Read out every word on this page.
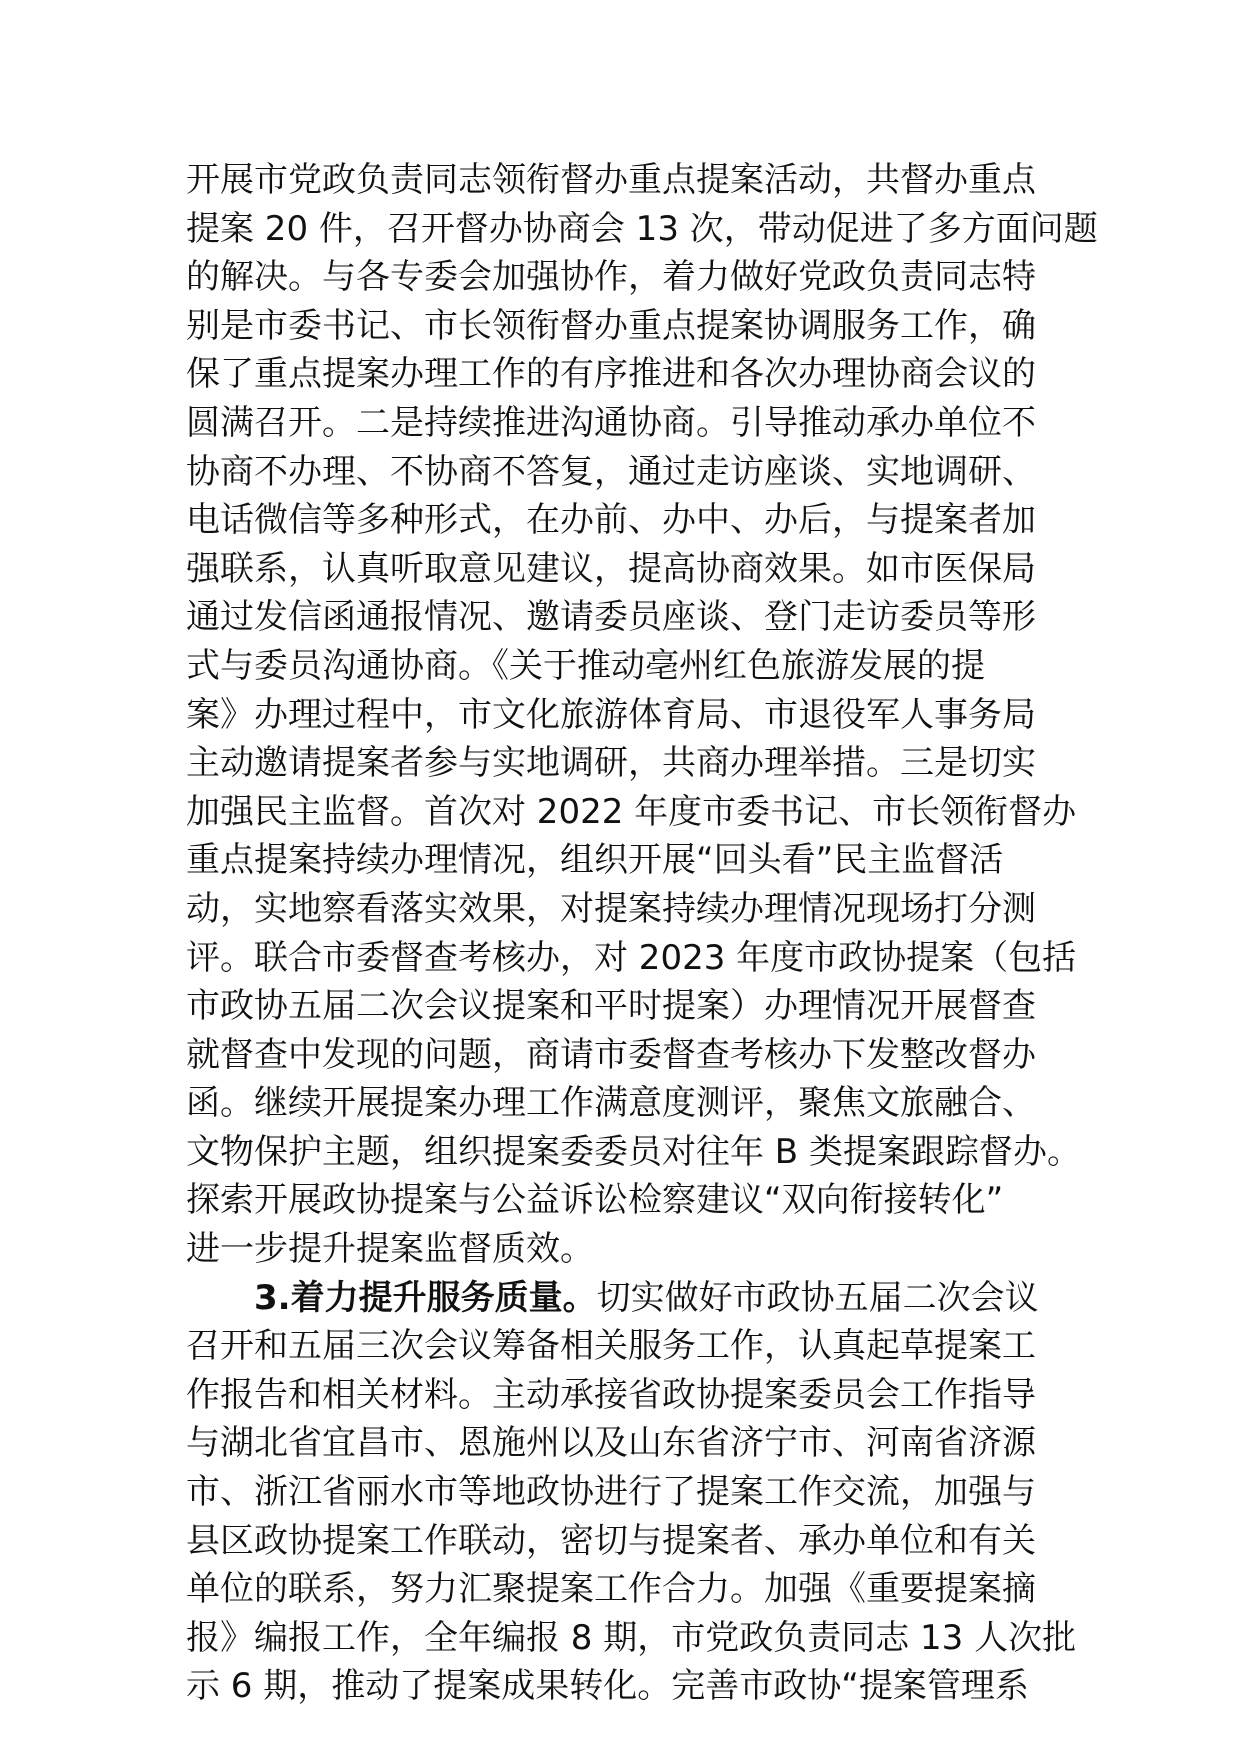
开展市党政负责同志领衔督办重点提案活动，共督办重点
提案 20 件，召开督办协商会 13 次，带动促进了多方面问题
的解决。与各专委会加强协作，着力做好党政负责同志特
别是市委书记、市长领衔督办重点提案协调服务工作，确
保了重点提案办理工作的有序推进和各次办理协商会议的
圆满召开。二是持续推进沟通协商。引导推动承办单位不
协商不办理、不协商不答复，通过走访座谈、实地调研、
电话微信等多种形式，在办前、办中、办后，与提案者加
强联系，认真听取意见建议，提高协商效果。如市医保局
通过发信函通报情况、邀请委员座谈、登门走访委员等形
式与委员沟通协商。《关于推动亳州红色旅游发展的提
案》办理过程中，市文化旅游体育局、市退役军人事务局
主动邀请提案者参与实地调研，共商办理举措。三是切实
加强民主监督。首次对 2022 年度市委书记、市长领衔督办
重点提案持续办理情况，组织开展“回头看”民主监督活
动，实地察看落实效果，对提案持续办理情况现场打分测
评。联合市委督查考核办，对 2023 年度市政协提案（包括
市政协五届二次会议提案和平时提案）办理情况开展督查
就督查中发现的问题，商请市委督查考核办下发整改督办
函。继续开展提案办理工作满意度测评，聚焦文旅融合、
文物保护主题，组织提案委委员对往年 B 类提案跟踪督办。
探索开展政协提案与公益诉讼检察建议“双向衔接转化”
进一步提升提案监督质效。
3.着力提升服务质量。切实做好市政协五届二次会议
召开和五届三次会议筹备相关服务工作，认真起草提案工
作报告和相关材料。主动承接省政协提案委员会工作指导
与湖北省宜昌市、恩施州以及山东省济宁市、河南省济源
市、浙江省丽水市等地政协进行了提案工作交流，加强与
县区政协提案工作联动，密切与提案者、承办单位和有关
单位的联系，努力汇聚提案工作合力。加强《重要提案摘
报》编报工作，全年编报 8 期，市党政负责同志 13 人次批
示 6 期，推动了提案成果转化。完善市政协“提案管理系
